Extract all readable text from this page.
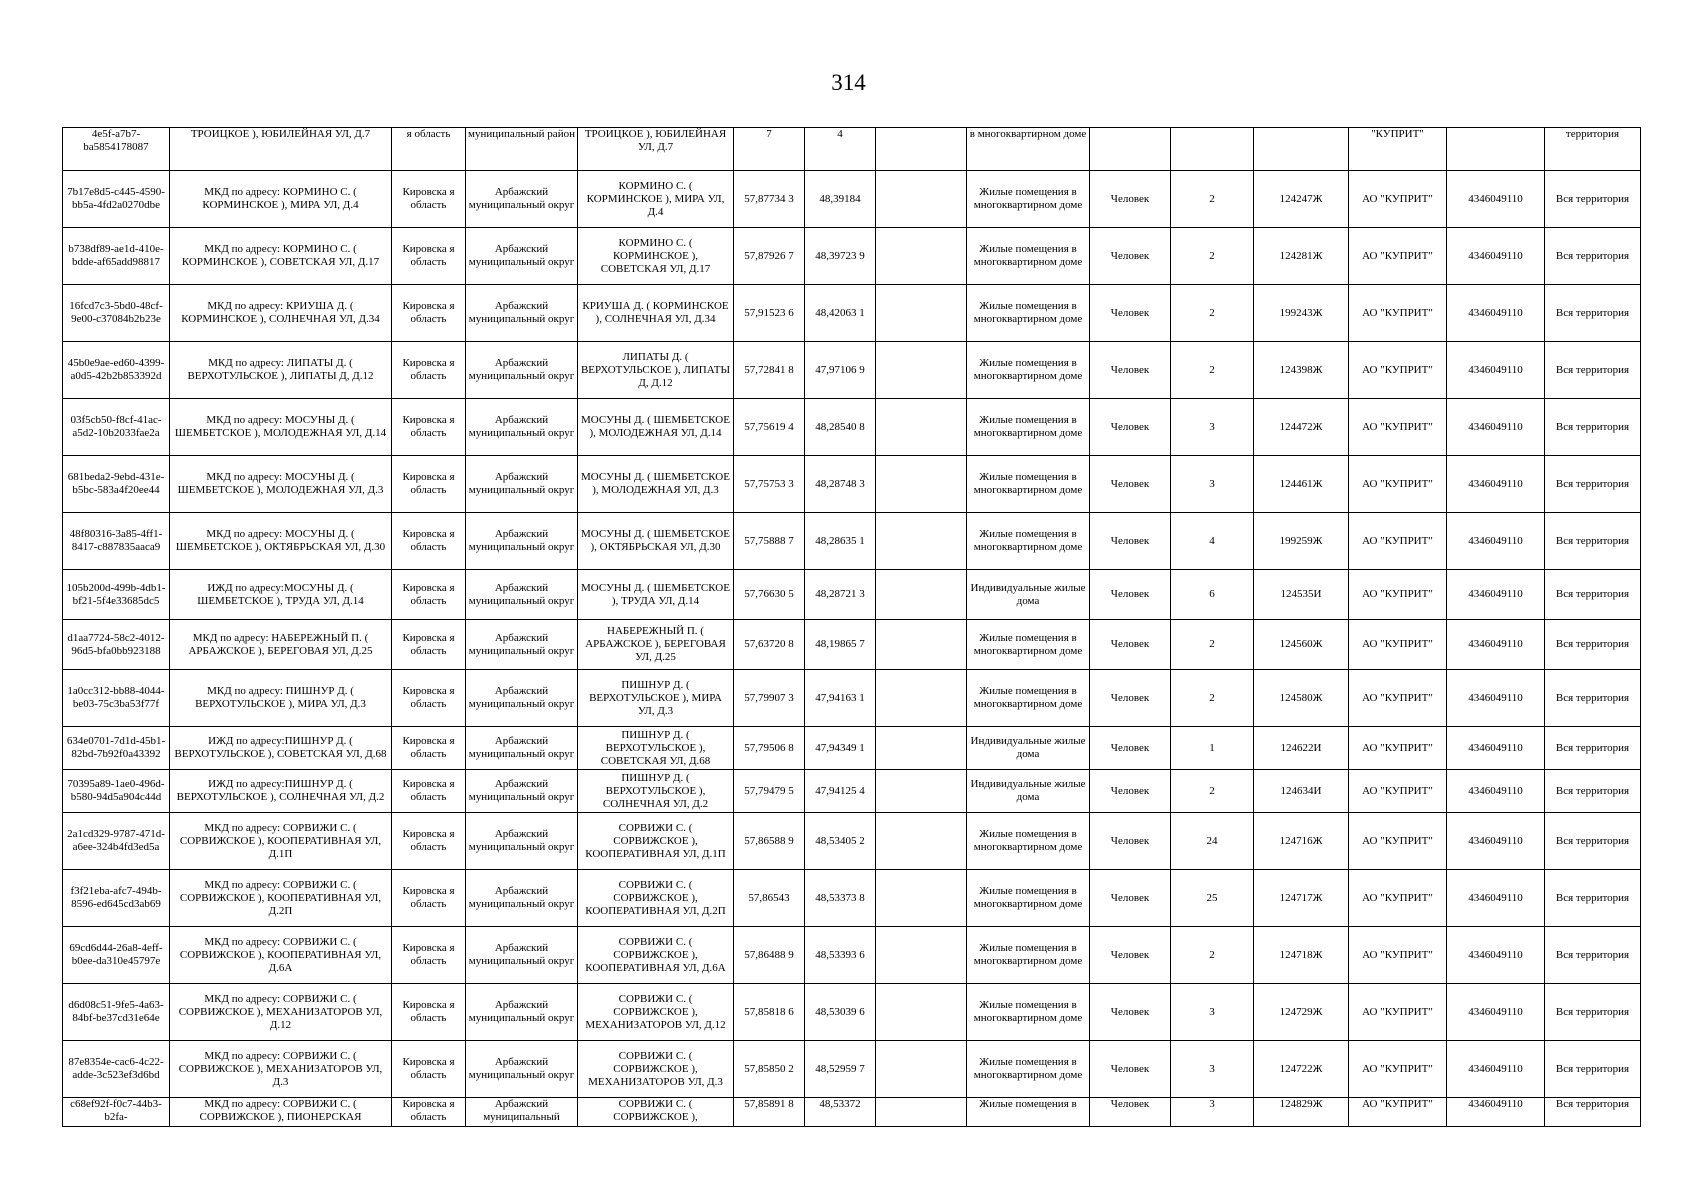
314
4e5f-a7b7-ba5854178087	ТРОИЦКОЕ ), ЮБИЛЕЙНАЯ УЛ, Д.7	я область	муниципальный район	ТРОИЦКОЕ ), ЮБИЛЕЙНАЯ УЛ, Д.7	7	4		в многоквартирном доме				"КУПРИТ"		территория
7b17e8d5-c445-4590-bb5a-4fd2a0270dbe	МКД по адресу: КОРМИНО С. ( КОРМИНСКОЕ ), МИРА УЛ, Д.4	Кировска я область	Арбажский муниципальный округ	КОРМИНО С. ( КОРМИНСКОЕ ), МИРА УЛ, Д.4	57,87734 3	48,39184		Жилые помещения в многоквартирном доме	Человек	2	124247Ж	АО "КУПРИТ"	4346049110	Вся территория
b738df89-ae1d-410e-bdde-af65add98817	МКД по адресу: КОРМИНО С. ( КОРМИНСКОЕ ), СОВЕТСКАЯ УЛ, Д.17	Кировска я область	Арбажский муниципальный округ	КОРМИНО С. ( КОРМИНСКОЕ ), СОВЕТСКАЯ УЛ, Д.17	57,87926 7	48,39723 9		Жилые помещения в многоквартирном доме	Человек	2	124281Ж	АО "КУПРИТ"	4346049110	Вся территория
16fcd7c3-5bd0-48cf-9e00-c37084b2b23e	МКД по адресу: КРИУША Д. ( КОРМИНСКОЕ ), СОЛНЕЧНАЯ УЛ, Д.34	Кировска я область	Арбажский муниципальный округ	КРИУША Д. ( КОРМИНСКОЕ ), СОЛНЕЧНАЯ УЛ, Д.34	57,91523 6	48,42063 1		Жилые помещения в многоквартирном доме	Человек	2	199243Ж	АО "КУПРИТ"	4346049110	Вся территория
45b0e9ae-ed60-4399-a0d5-42b2b853392d	МКД по адресу: ЛИПАТЫ Д. ( ВЕРХОТУЛЬСКОЕ ), ЛИПАТЫ Д, Д.12	Кировска я область	Арбажский муниципальный округ	ЛИПАТЫ Д. ( ВЕРХОТУЛЬСКОЕ ), ЛИПАТЫ Д, Д.12	57,72841 8	47,97106 9		Жилые помещения в многоквартирном доме	Человек	2	124398Ж	АО "КУПРИТ"	4346049110	Вся территория
03f5cb50-f8cf-41ac-a5d2-10b2033fae2a	МКД по адресу: МОСУНЫ Д. ( ШЕМБЕТСКОЕ ), МОЛОДЕЖНАЯ УЛ, Д.14	Кировска я область	Арбажский муниципальный округ	МОСУНЫ Д. ( ШЕМБЕТСКОЕ ), МОЛОДЕЖНАЯ УЛ, Д.14	57,75619 4	48,28540 8		Жилые помещения в многоквартирном доме	Человек	3	124472Ж	АО "КУПРИТ"	4346049110	Вся территория
681beda2-9ebd-431e-b5bc-583a4f20ee44	МКД по адресу: МОСУНЫ Д. ( ШЕМБЕТСКОЕ ), МОЛОДЕЖНАЯ УЛ, Д.3	Кировска я область	Арбажский муниципальный округ	МОСУНЫ Д. ( ШЕМБЕТСКОЕ ), МОЛОДЕЖНАЯ УЛ, Д.3	57,75753 3	48,28748 3		Жилые помещения в многоквартирном доме	Человек	3	124461Ж	АО "КУПРИТ"	4346049110	Вся территория
48f80316-3a85-4ff1-8417-c887835aaca9	МКД по адресу: МОСУНЫ Д. ( ШЕМБЕТСКОЕ ), ОКТЯБРЬСКАЯ УЛ, Д.30	Кировска я область	Арбажский муниципальный округ	МОСУНЫ Д. ( ШЕМБЕТСКОЕ ), ОКТЯБРЬСКАЯ УЛ, Д.30	57,75888 7	48,28635 1		Жилые помещения в многоквартирном доме	Человек	4	199259Ж	АО "КУПРИТ"	4346049110	Вся территория
105b200d-499b-4db1-bf21-5f4e33685dc5	ИЖД по адресу:МОСУНЫ Д. ( ШЕМБЕТСКОЕ ), ТРУДА УЛ, Д.14	Кировска я область	Арбажский муниципальный округ	МОСУНЫ Д. ( ШЕМБЕТСКОЕ ), ТРУДА УЛ, Д.14	57,76630 5	48,28721 3		Индивидуальные жилые дома	Человек	6	124535И	АО "КУПРИТ"	4346049110	Вся территория
d1aa7724-58c2-4012-96d5-bfa0bb923188	МКД по адресу: НАБЕРЕЖНЫЙ П. ( АРБАЖСКОЕ ), БЕРЕГОВАЯ УЛ, Д.25	Кировска я область	Арбажский муниципальный округ	НАБЕРЕЖНЫЙ П. ( АРБАЖСКОЕ ), БЕРЕГОВАЯ УЛ, Д.25	57,63720 8	48,19865 7		Жилые помещения в многоквартирном доме	Человек	2	124560Ж	АО "КУПРИТ"	4346049110	Вся территория
1a0cc312-bb88-4044-be03-75c3ba53f77f	МКД по адресу: ПИШНУР Д. ( ВЕРХОТУЛЬСКОЕ ), МИРА УЛ, Д.3	Кировска я область	Арбажский муниципальный округ	ПИШНУР Д. ( ВЕРХОТУЛЬСКОЕ ), МИРА УЛ, Д.3	57,79907 3	47,94163 1		Жилые помещения в многоквартирном доме	Человек	2	124580Ж	АО "КУПРИТ"	4346049110	Вся территория
634e0701-7d1d-45b1-82bd-7b92f0a43392	ИЖД по адресу:ПИШНУР Д. ( ВЕРХОТУЛЬСКОЕ ), СОВЕТСКАЯ УЛ, Д.68	Кировска я область	Арбажский муниципальный округ	ПИШНУР Д. ( ВЕРХОТУЛЬСКОЕ ), СОВЕТСКАЯ УЛ, Д.68	57,79506 8	47,94349 1		Индивидуальные жилые дома	Человек	1	124622И	АО "КУПРИТ"	4346049110	Вся территория
70395a89-1ae0-496d-b580-94d5a904c44d	ИЖД по адресу:ПИШНУР Д. ( ВЕРХОТУЛЬСКОЕ ), СОЛНЕЧНАЯ УЛ, Д.2	Кировска я область	Арбажский муниципальный округ	ПИШНУР Д. ( ВЕРХОТУЛЬСКОЕ ), СОЛНЕЧНАЯ УЛ, Д.2	57,79479 5	47,94125 4		Индивидуальные жилые дома	Человек	2	124634И	АО "КУПРИТ"	4346049110	Вся территория
2a1cd329-9787-471d-a6ee-324b4fd3ed5a	МКД по адресу: СОРВИЖИ С. ( СОРВИЖСКОЕ ), КООПЕРАТИВНАЯ УЛ, Д.1П	Кировска я область	Арбажский муниципальный округ	СОРВИЖИ С. ( СОРВИЖСКОЕ ), КООПЕРАТИВНАЯ УЛ, Д.1П	57,86588 9	48,53405 2		Жилые помещения в многоквартирном доме	Человек	24	124716Ж	АО "КУПРИТ"	4346049110	Вся территория
f3f21eba-afc7-494b-8596-ed645cd3ab69	МКД по адресу: СОРВИЖИ С. ( СОРВИЖСКОЕ ), КООПЕРАТИВНАЯ УЛ, Д.2П	Кировска я область	Арбажский муниципальный округ	СОРВИЖИ С. ( СОРВИЖСКОЕ ), КООПЕРАТИВНАЯ УЛ, Д.2П	57,86543	48,53373 8		Жилые помещения в многоквартирном доме	Человек	25	124717Ж	АО "КУПРИТ"	4346049110	Вся территория
69cd6d44-26a8-4eff-b0ee-da310e45797e	МКД по адресу: СОРВИЖИ С. ( СОРВИЖСКОЕ ), КООПЕРАТИВНАЯ УЛ, Д.6А	Кировска я область	Арбажский муниципальный округ	СОРВИЖИ С. ( СОРВИЖСКОЕ ), КООПЕРАТИВНАЯ УЛ, Д.6А	57,86488 9	48,53393 6		Жилые помещения в многоквартирном доме	Человек	2	124718Ж	АО "КУПРИТ"	4346049110	Вся территория
d6d08c51-9fe5-4a63-84bf-be37cd31e64e	МКД по адресу: СОРВИЖИ С. ( СОРВИЖСКОЕ ), МЕХАНИЗАТОРОВ УЛ, Д.12	Кировска я область	Арбажский муниципальный округ	СОРВИЖИ С. ( СОРВИЖСКОЕ ), МЕХАНИЗАТОРОВ УЛ, Д.12	57,85818 6	48,53039 6		Жилые помещения в многоквартирном доме	Человек	3	124729Ж	АО "КУПРИТ"	4346049110	Вся территория
87e8354e-cac6-4c22-adde-3c523ef3d6bd	МКД по адресу: СОРВИЖИ С. ( СОРВИЖСКОЕ ), МЕХАНИЗАТОРОВ УЛ, Д.3	Кировска я область	Арбажский муниципальный округ	СОРВИЖИ С. ( СОРВИЖСКОЕ ), МЕХАНИЗАТОРОВ УЛ, Д.3	57,85850 2	48,52959 7		Жилые помещения в многоквартирном доме	Человек	3	124722Ж	АО "КУПРИТ"	4346049110	Вся территория
c68ef92f-f0c7-44b3-b2fa-	МКД по адресу: СОРВИЖИ С. ( СОРВИЖСКОЕ ), ПИОНЕРСКАЯ	Кировска я область	Арбажский муниципальный	СОРВИЖИ С. ( СОРВИЖСКОЕ ),	57,85891 8	48,53372		Жилые помещения в	Человек	3	124829Ж	АО "КУПРИТ"	4346049110	Вся территория
